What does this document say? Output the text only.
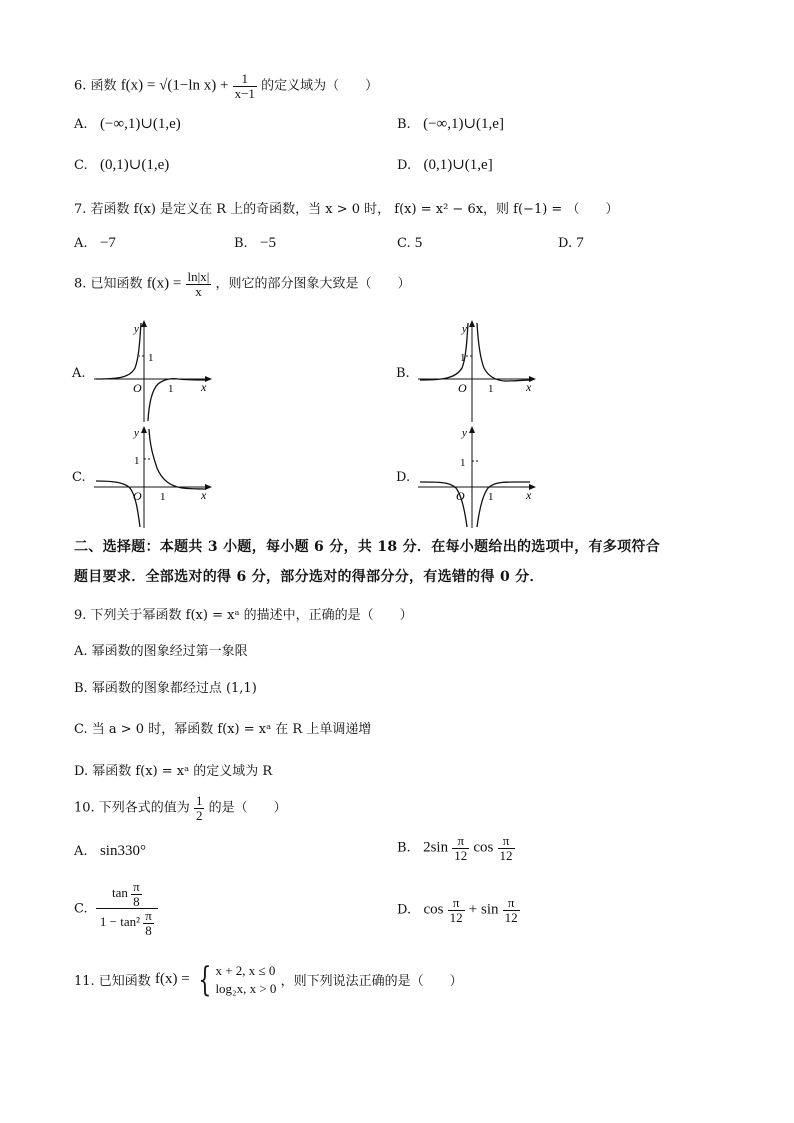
6. 函数 f(x) = √(1−ln $x) + \frac{1}{x-1}$ 的定义域为（　　）
A. (−∞,1)∪(1,e)	B. (−∞,1)∪(1,e]
C. (0,1)∪(1,e)	D. (0,1)∪(1,e]
7. 若函数 f(x) 是定义在 R 上的奇函数，当 x > 0 时， f(x) = x² − 6x，则 f(−1) = （　　）
A. −7	B. −5	C. 5	D. 7
8. 已知函数 $f(x) = \frac{\ln|x|}{x}$ ，则它的部分图象大致是（　　）
A.	B.
C.	D.
y
1
O 1 x
y
1
O 1	x
y
1
O 1	x
y
1
O 1	x
二、选择题：本题共 3 小题，每小题 6 分，共 18 分．在每小题给出的选项中，有多项符合
题目要求．全部选对的得 6 分，部分选对的得部分分，有选错的得 0 分．
9. 下列关于幂函数 f(x) = xᵃ 的描述中，正确的是（　　）
A. 幂函数的图象经过第一象限
B. 幂函数的图象都经过点 (1,1)
C. 当 a > 0 时，幂函数 f(x) = xᵃ 在 R 上单调递增
D. 幂函数 f(x) = xᵃ 的定义域为 R
10. 下列各式的值为 $\frac{1}{2}$ 的是（　　）
A. sin330°	B. $2\sin \frac{\pi}{12}$ $\cos \frac{\pi}{12}$
C. $\frac{\tan \frac{\pi}{8}}{1 - \tan^2 \frac{\pi}{8}}$	D. $\cos \frac{\pi}{12} + \sin \frac{\pi}{12}$
11. 已知函数 f(x) = { x + 2, x ≤ 0
log₂x, x > 0 ，则下列说法正确的是（　　）
